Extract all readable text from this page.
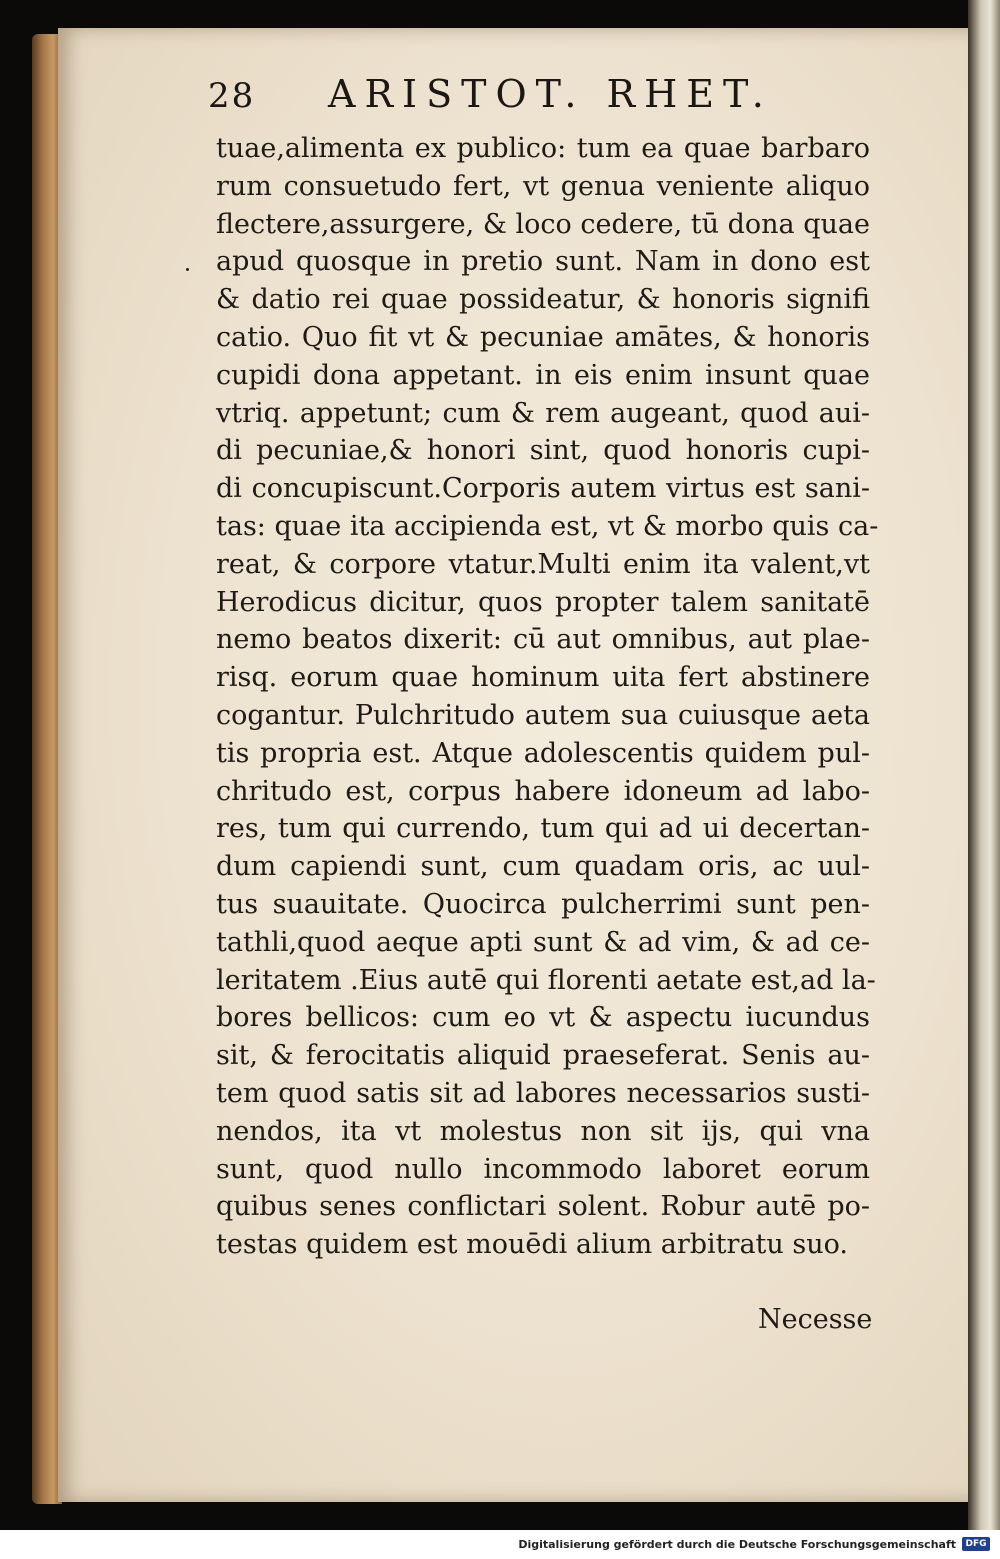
28 ARISTOT. RHET.
tuae,alimenta ex publico: tum ea quae barbaro
rum consuetudo fert, vt genua veniente aliquo
flectere,assurgere, & loco cedere, tū dona quae
apud quosque in pretio sunt. Nam in dono est
& datio rei quae possideatur, & honoris signifi
catio. Quo fit vt & pecuniae amātes, & honoris
cupidi dona appetant. in eis enim insunt quae
vtriq. appetunt; cum & rem augeant, quod aui-
di pecuniae,& honori sint, quod honoris cupi-
di concupiscunt.Corporis autem virtus est sani-
tas: quae ita accipienda est, vt & morbo quis ca-
reat, & corpore vtatur.Multi enim ita valent,vt
Herodicus dicitur, quos propter talem sanitatē
nemo beatos dixerit: cū aut omnibus, aut plae-
risq. eorum quae hominum uita fert abstinere
cogantur. Pulchritudo autem sua cuiusque aeta
tis propria est. Atque adolescentis quidem pul-
chritudo est, corpus habere idoneum ad labo-
res, tum qui currendo, tum qui ad ui decertan-
dum capiendi sunt, cum quadam oris, ac uul-
tus suauitate. Quocirca pulcherrimi sunt pen-
tathli,quod aeque apti sunt & ad vim, & ad ce-
leritatem .Eius autē qui florenti aetate est,ad la-
bores bellicos: cum eo vt & aspectu iucundus
sit, & ferocitatis aliquid praeseferat. Senis au-
tem quod satis sit ad labores necessarios susti-
nendos, ita vt molestus non sit ijs, qui vna
sunt, quod nullo incommodo laboret eorum
quibus senes conflictari solent. Robur autē po-
testas quidem est mouēdi alium arbitratu suo.
Necesse
Digitalisierung gefördert durch die Deutsche Forschungsgemeinschaft	DFG
